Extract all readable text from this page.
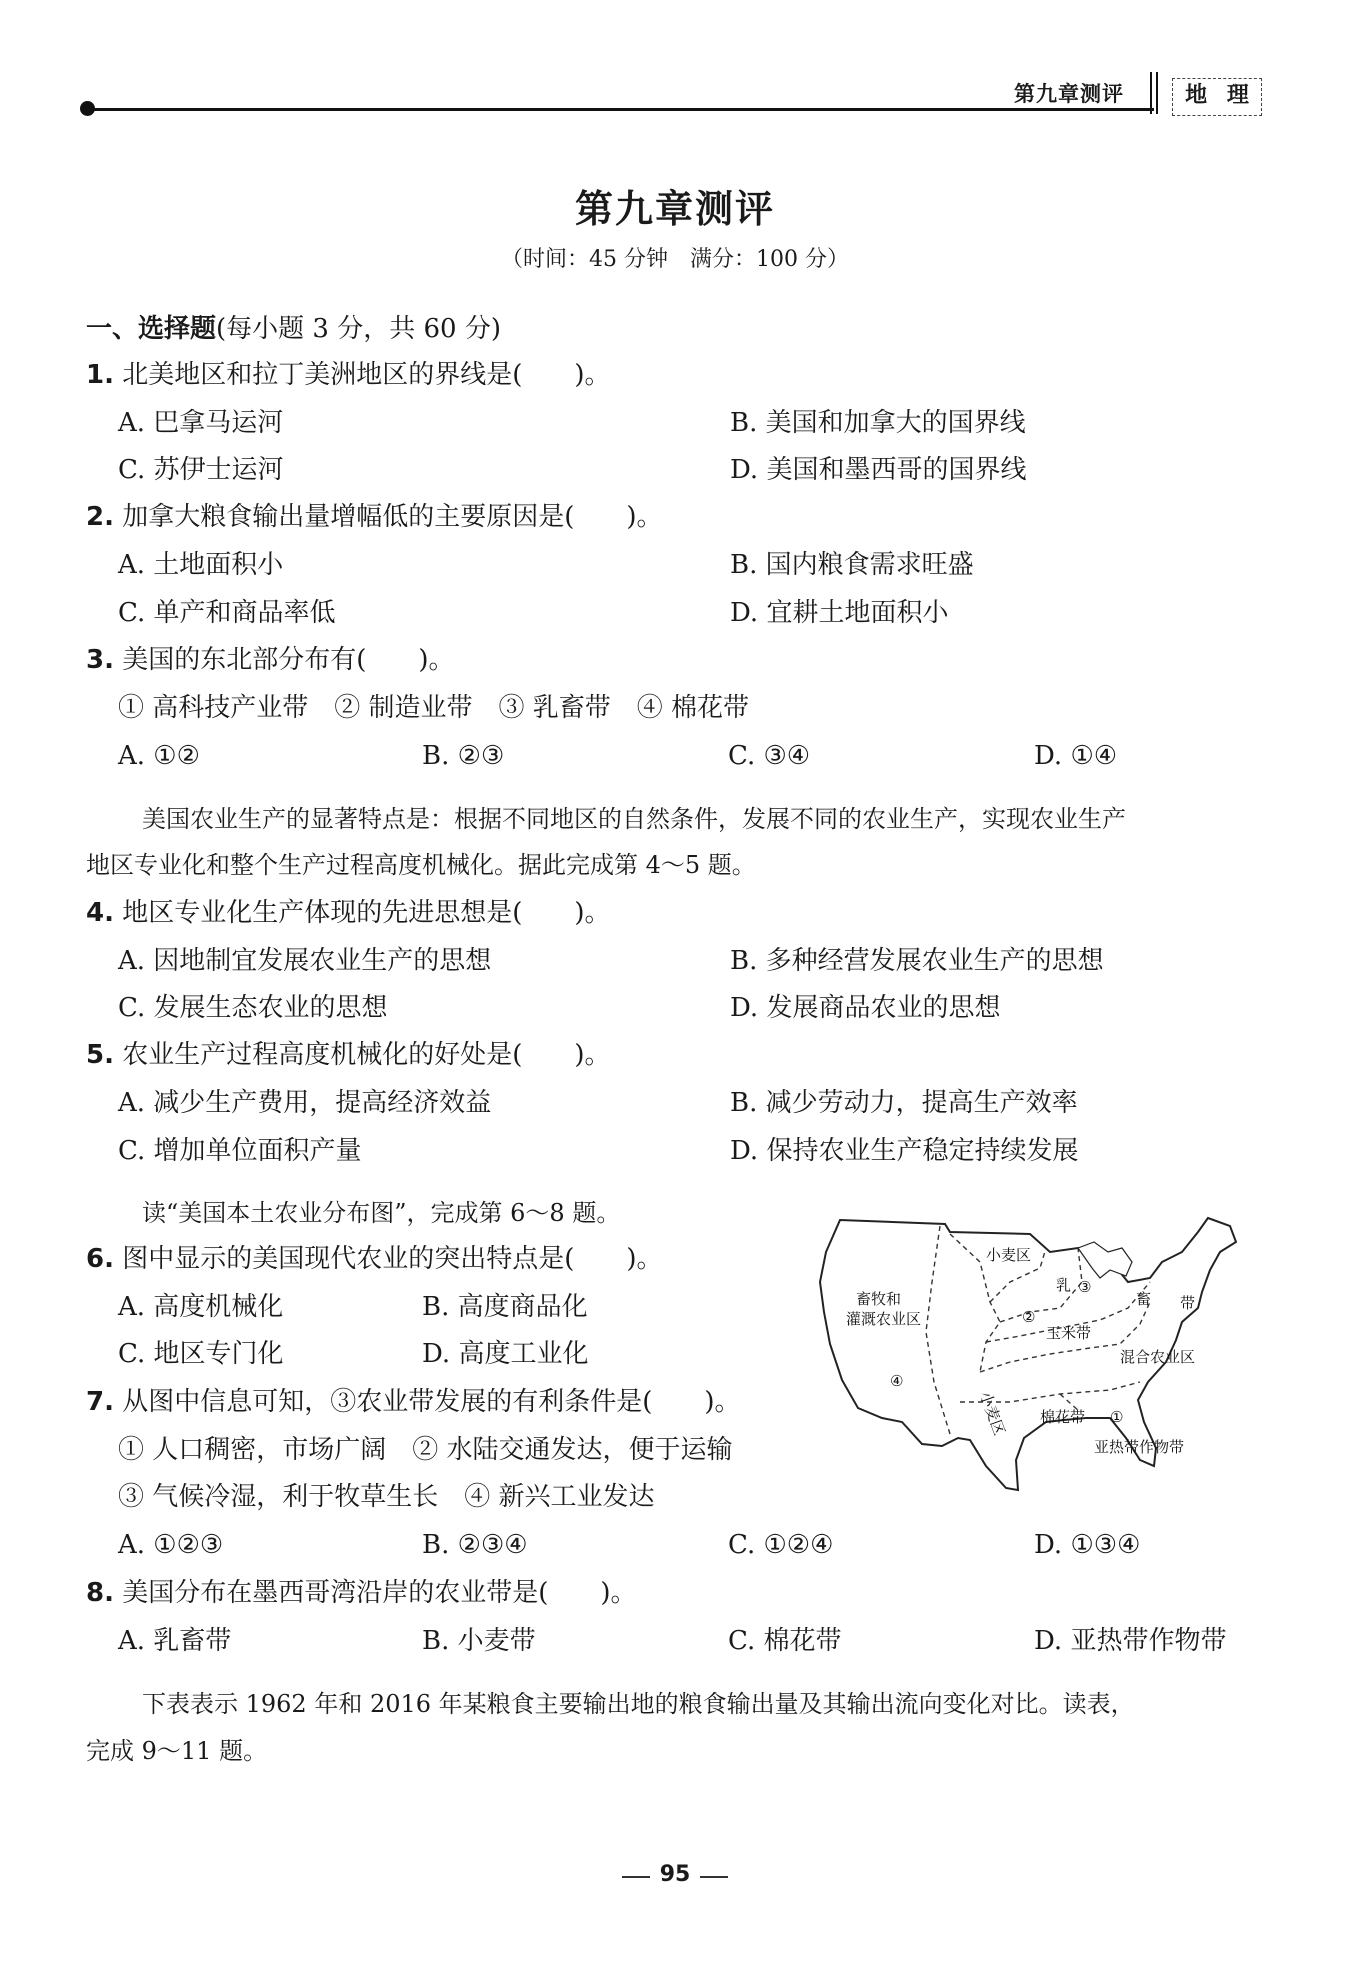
第九章测评	地 理
第九章测评
（时间：45 分钟　满分：100 分）
一、选择题(每小题 3 分，共 60 分)
1. 北美地区和拉丁美洲地区的界线是(　　)。
A. 巴拿马运河	B. 美国和加拿大的国界线
C. 苏伊士运河	D. 美国和墨西哥的国界线
2. 加拿大粮食输出量增幅低的主要原因是(　　)。
A. 土地面积小	B. 国内粮食需求旺盛
C. 单产和商品率低	D. 宜耕土地面积小
3. 美国的东北部分布有(　　)。
① 高科技产业带　② 制造业带　③ 乳畜带　④ 棉花带
A. ①②	B. ②③	C. ③④	D. ①④
美国农业生产的显著特点是：根据不同地区的自然条件，发展不同的农业生产，实现农业生产
地区专业化和整个生产过程高度机械化。据此完成第 4～5 题。
4. 地区专业化生产体现的先进思想是(　　)。
A. 因地制宜发展农业生产的思想	B. 多种经营发展农业生产的思想
C. 发展生态农业的思想	D. 发展商品农业的思想
5. 农业生产过程高度机械化的好处是(　　)。
A. 减少生产费用，提高经济效益	B. 减少劳动力，提高生产效率
C. 增加单位面积产量	D. 保持农业生产稳定持续发展
读“美国本土农业分布图”，完成第 6～8 题。
6. 图中显示的美国现代农业的突出特点是(　　)。
A. 高度机械化	B. 高度商品化
C. 地区专门化	D. 高度工业化
7. 从图中信息可知，③农业带发展的有利条件是(　　)。
① 人口稠密，市场广阔　② 水陆交通发达，便于运输
③ 气候冷湿，利于牧草生长　④ 新兴工业发达
A. ①②③	B. ②③④	C. ①②④	D. ①③④
8. 美国分布在墨西哥湾沿岸的农业带是(　　)。
A. 乳畜带	B. 小麦带	C. 棉花带	D. 亚热带作物带
下表表示 1962 年和 2016 年某粮食主要输出地的粮食输出量及其输出流向变化对比。读表，
完成 9～11 题。
小麦区
乳 ③
畜 带
畜牧和
灌溉农业区	②
玉米带
混合农业区
小麦区
④
棉花带 ①
亚热带作物带
95
